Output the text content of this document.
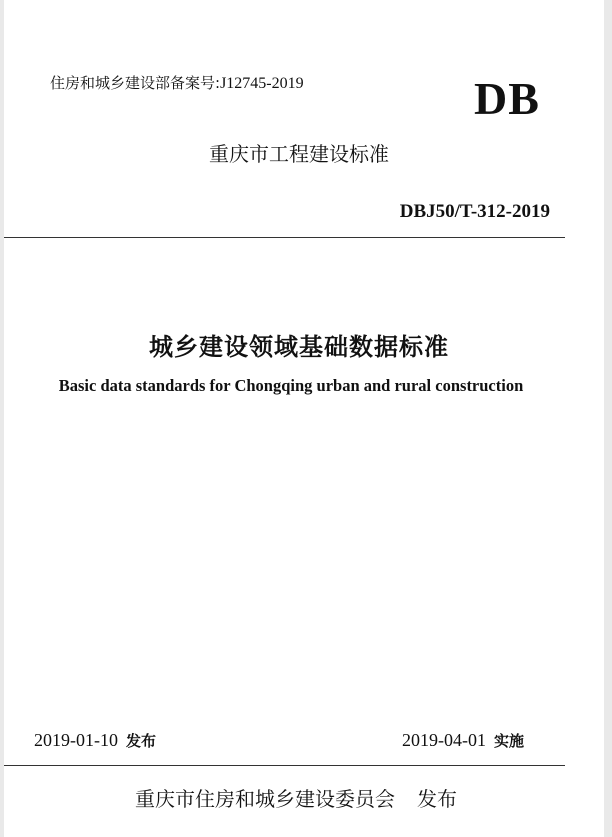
住房和城乡建设部备案号:J12745-2019	DB
重庆市工程建设标准
DBJ50/T-312-2019
城乡建设领域基础数据标准
Basic data standards for Chongqing urban and rural construction
2019-01-10 发布	2019-04-01 实施
重庆市住房和城乡建设委员会 发布
